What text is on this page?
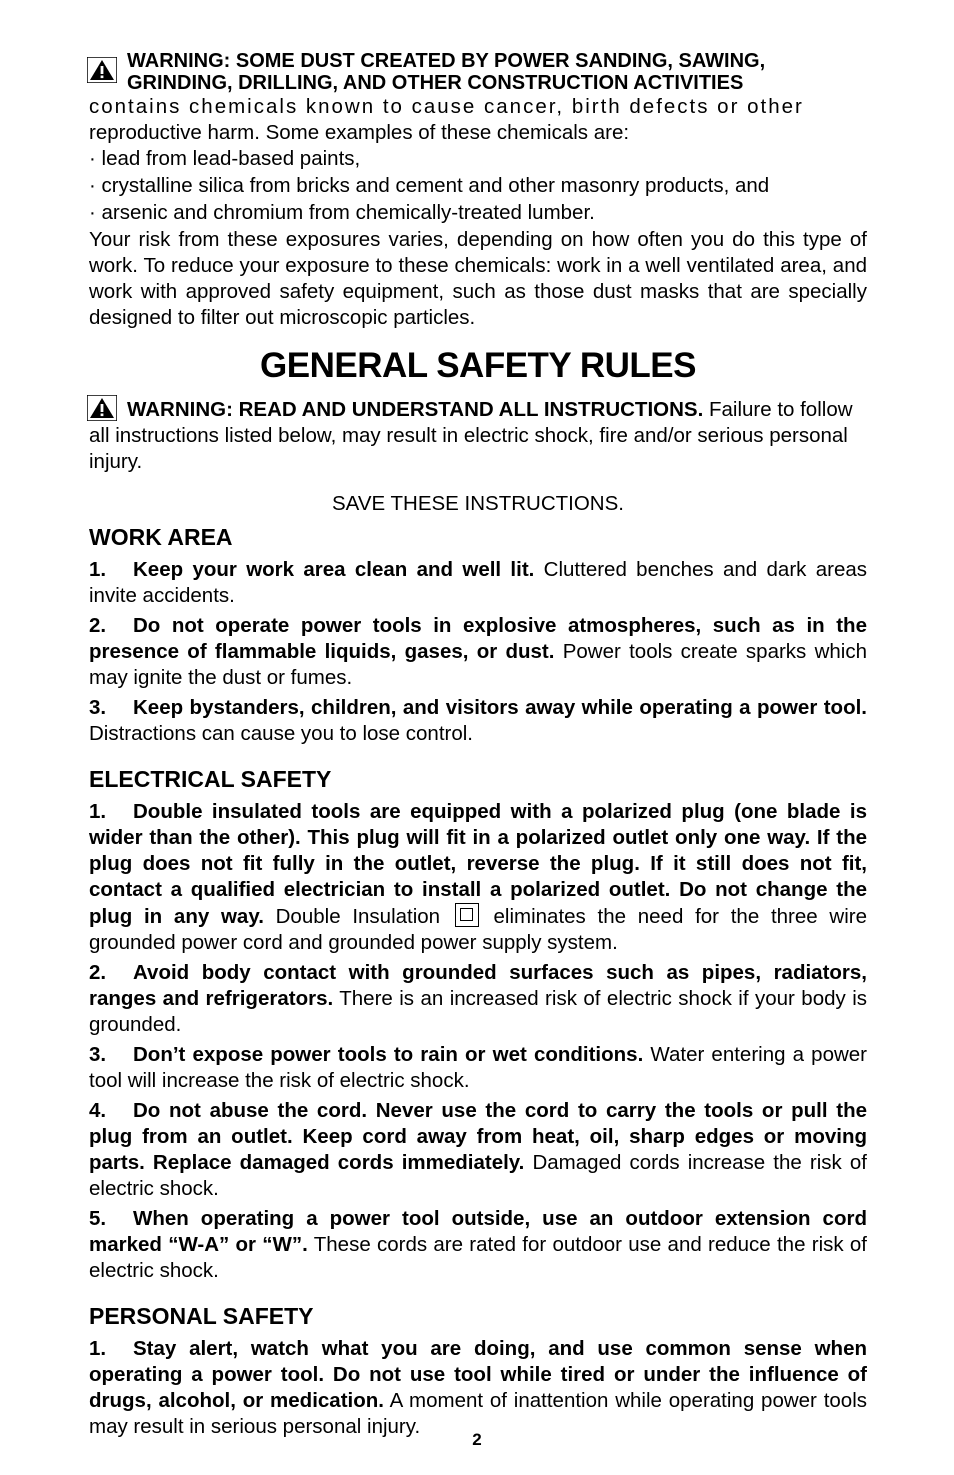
WARNING: SOME DUST CREATED BY POWER SANDING, SAWING,
GRINDING, DRILLING, AND OTHER CONSTRUCTION ACTIVITIES

contains chemicals known to cause cancer, birth defects or other

reproductive harm. Some examples of these chemicals are:

· lead from lead-based paints,

· crystalline silica from bricks and cement and other masonry products, and

· arsenic and chromium from chemically-treated lumber.

Your risk from these exposures varies, depending on how often you do this type of work. To reduce your exposure to these chemicals: work in a well ventilated area, and work with approved safety equipment, such as those dust masks that are specially designed to filter out microscopic particles.

GENERAL SAFETY RULES

WARNING: READ AND UNDERSTAND ALL INSTRUCTIONS. Failure to follow all instructions listed below, may result in electric shock, fire and/or serious personal injury.

SAVE THESE INSTRUCTIONS.

WORK AREA

1. Keep your work area clean and well lit. Cluttered benches and dark areas invite accidents.

2. Do not operate power tools in explosive atmospheres, such as in the presence of flammable liquids, gases, or dust. Power tools create sparks which may ignite the dust or fumes.

3. Keep bystanders, children, and visitors away while operating a power tool. Distractions can cause you to lose control.

ELECTRICAL SAFETY

1. Double insulated tools are equipped with a polarized plug (one blade is wider than the other). This plug will fit in a polarized outlet only one way. If the plug does not fit fully in the outlet, reverse the plug. If it still does not fit, contact a qualified electrician to install a polarized outlet. Do not change the plug in any way. Double Insulation  eliminates the need for the three wire grounded power cord and grounded power supply system.

2. Avoid body contact with grounded surfaces such as pipes, radiators, ranges and refrigerators. There is an increased risk of electric shock if your body is grounded.

3. Don’t expose power tools to rain or wet conditions. Water entering a power tool will increase the risk of electric shock.

4. Do not abuse the cord. Never use the cord to carry the tools or pull the plug from an outlet. Keep cord away from heat, oil, sharp edges or moving parts. Replace damaged cords immediately. Damaged cords increase the risk of electric shock.

5. When operating a power tool outside, use an outdoor extension cord marked “W-A” or “W”. These cords are rated for outdoor use and reduce the risk of electric shock.

PERSONAL SAFETY

1. Stay alert, watch what you are doing, and use common sense when operating a power tool. Do not use tool while tired or under the influence of drugs, alcohol, or medication. A moment of inattention while operating power tools may result in serious personal injury.

2
